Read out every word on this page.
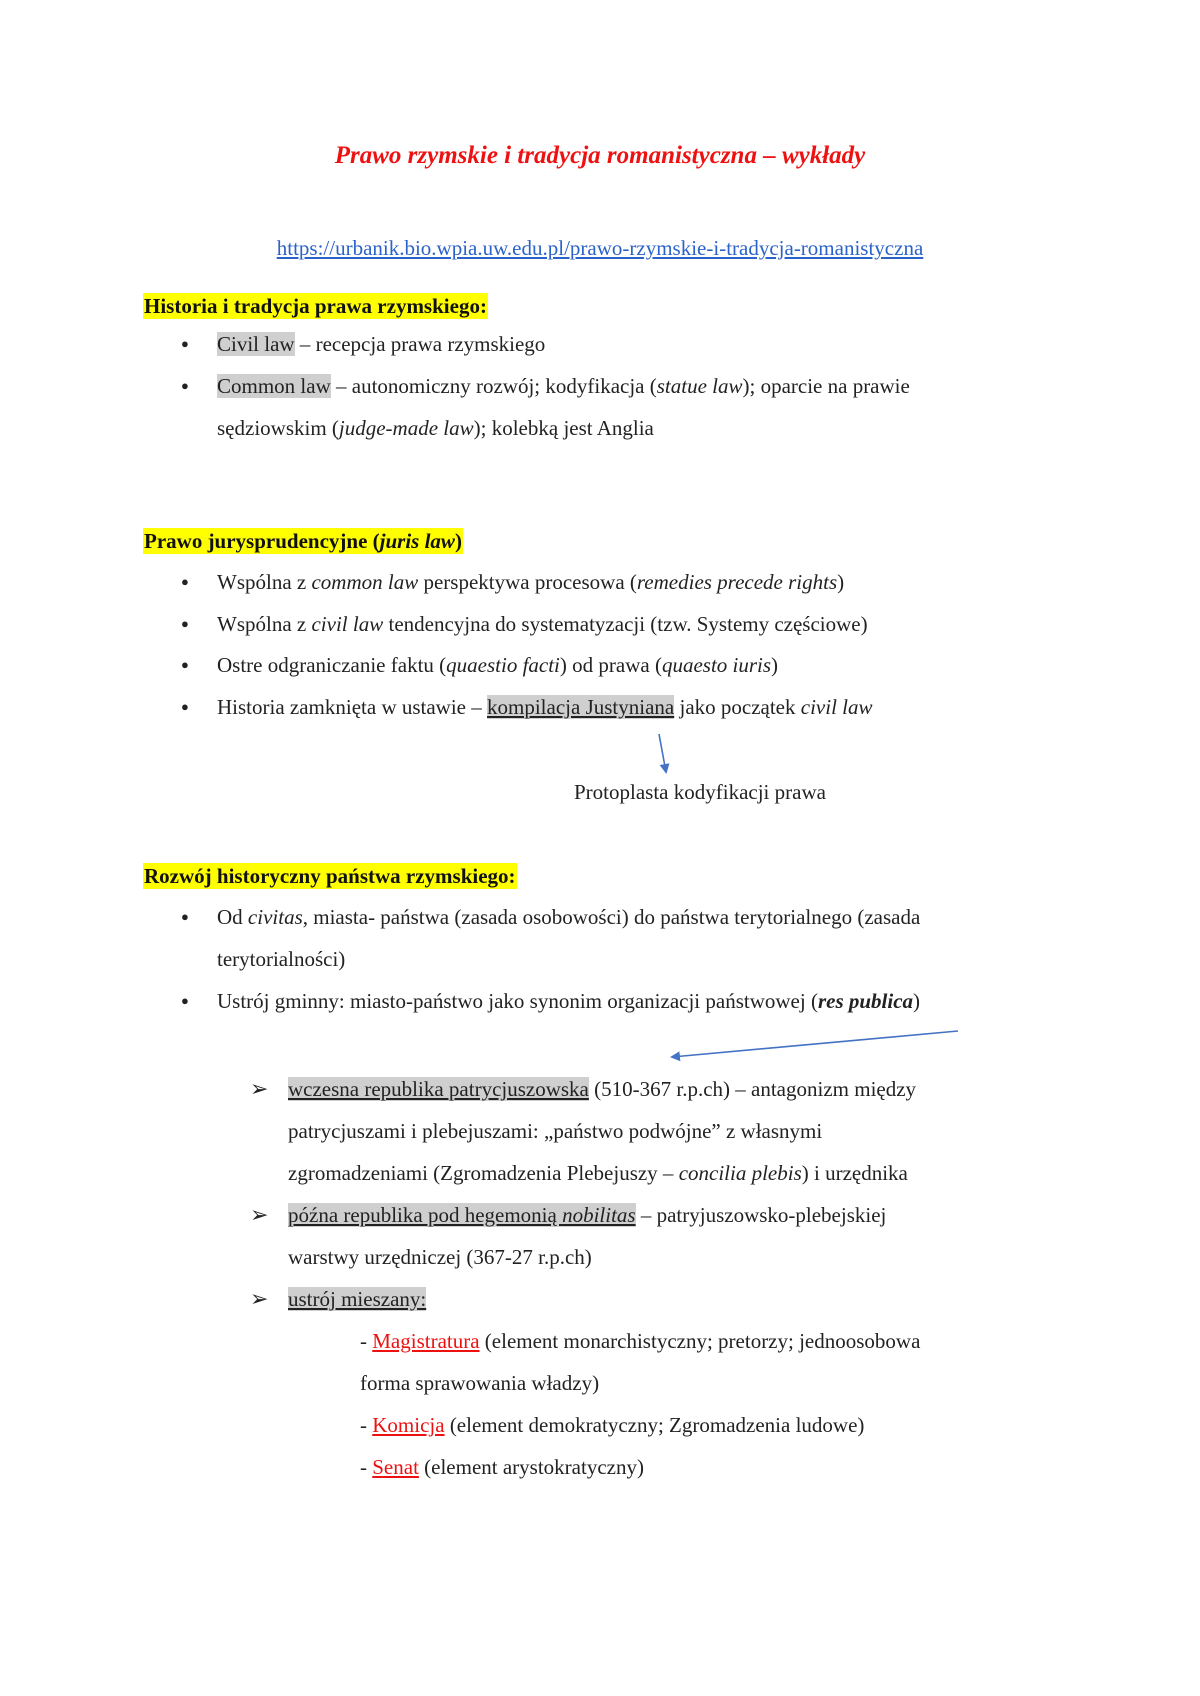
Prawo rzymskie i tradycja romanistyczna – wykłady
https://urbanik.bio.wpia.uw.edu.pl/prawo-rzymskie-i-tradycja-romanistyczna
Historia i tradycja prawa rzymskiego:
● Civil law – recepcja prawa rzymskiego
● Common law – autonomiczny rozwój; kodyfikacja (statue law); oparcie na prawie
sędziowskim (judge-made law); kolebką jest Anglia
Prawo jurysprudencyjne (juris law)
● Wspólna z common law perspektywa procesowa (remedies precede rights)
● Wspólna z civil law tendencyjna do systematyzacji (tzw. Systemy częściowe)
● Ostre odgraniczanie faktu (quaestio facti) od prawa (quaesto iuris)
● Historia zamknięta w ustawie – kompilacja Justyniana jako początek civil law
Protoplasta kodyfikacji prawa
Rozwój historyczny państwa rzymskiego:
● Od civitas, miasta- państwa (zasada osobowości) do państwa terytorialnego (zasada
terytorialności)
● Ustrój gminny: miasto-państwo jako synonim organizacji państwowej (res publica)
➢ wczesna republika patrycjuszowska (510-367 r.p.ch) – antagonizm między
patrycjuszami i plebejuszami: „państwo podwójne” z własnymi
zgromadzeniami (Zgromadzenia Plebejuszy – concilia plebis) i urzędnika
➢ późna republika pod hegemonią nobilitas – patryjuszowsko-plebejskiej
warstwy urzędniczej (367-27 r.p.ch)
➢ ustrój mieszany:
- Magistratura (element monarchistyczny; pretorzy; jednoosobowa
forma sprawowania władzy)
- Komicja (element demokratyczny; Zgromadzenia ludowe)
- Senat (element arystokratyczny)
